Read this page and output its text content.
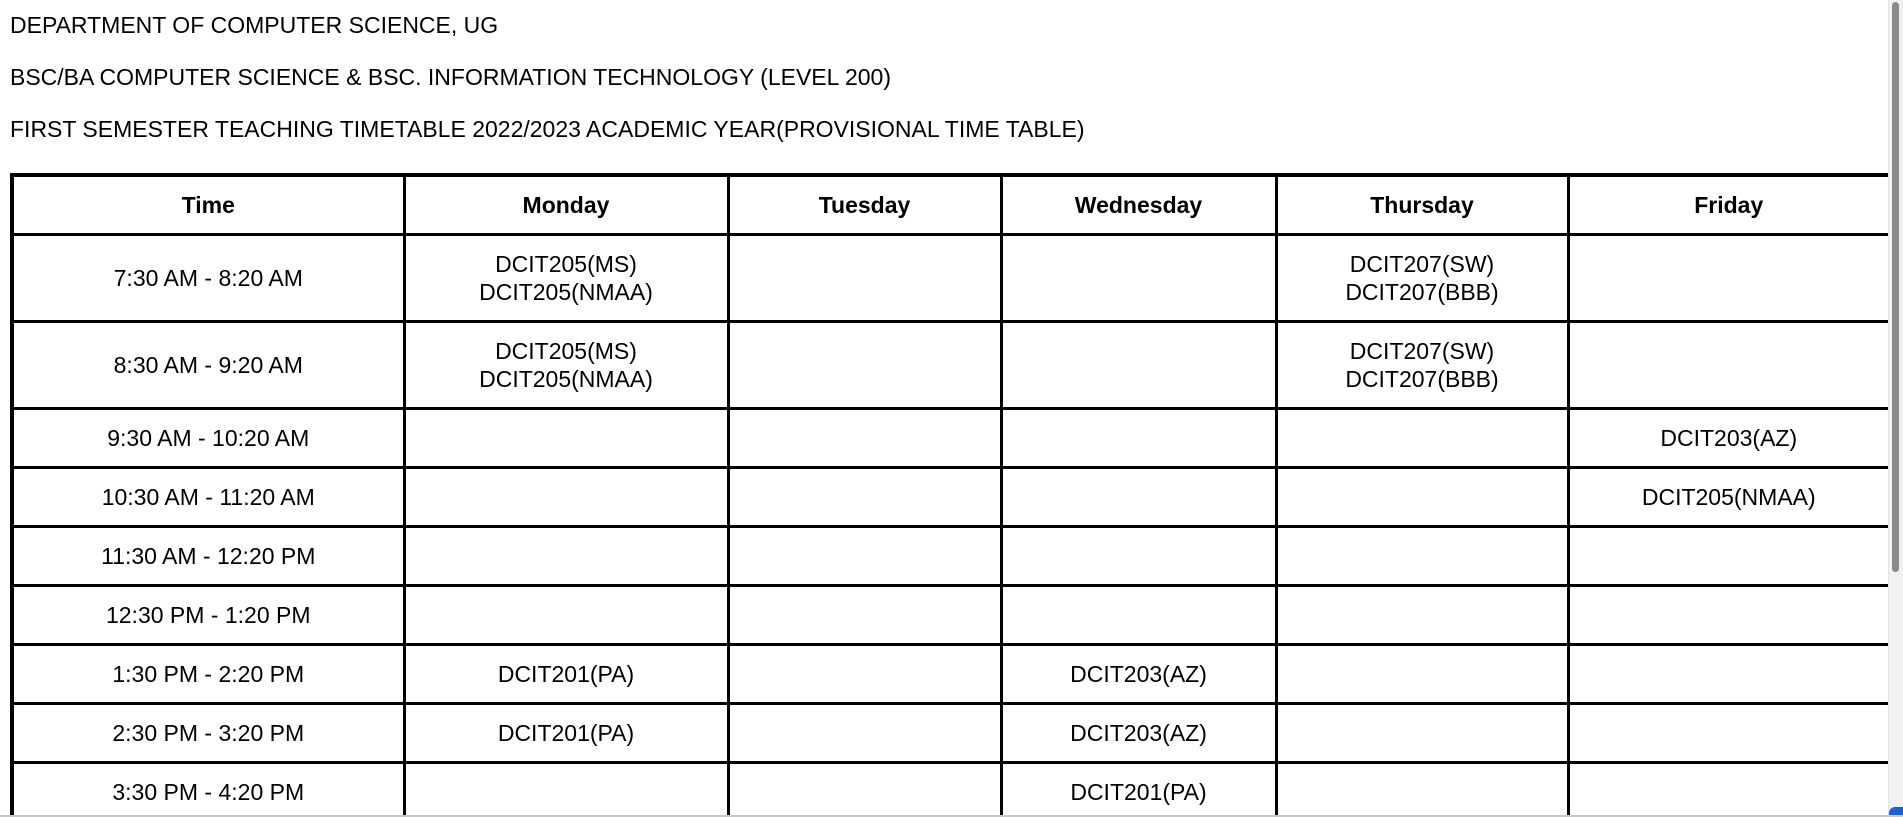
DEPARTMENT OF COMPUTER SCIENCE, UG
BSC/BA COMPUTER SCIENCE & BSC. INFORMATION TECHNOLOGY (LEVEL 200)
FIRST SEMESTER TEACHING TIMETABLE 2022/2023 ACADEMIC YEAR(PROVISIONAL TIME TABLE)
Time	Monday	Tuesday	Wednesday	Thursday	Friday
7:30 AM - 8:20 AM	DCIT205(MS)
DCIT205(NMAA)			DCIT207(SW)
DCIT207(BBB)	

8:30 AM - 9:20 AM	DCIT205(MS)
DCIT205(NMAA)			DCIT207(SW)
DCIT207(BBB)	

9:30 AM - 10:20 AM					DCIT203(AZ)

10:30 AM - 11:20 AM					DCIT205(NMAA)

11:30 AM - 12:20 PM					
12:30 PM - 1:20 PM					
1:30 PM - 2:20 PM	DCIT201(PA)		DCIT203(AZ)		

2:30 PM - 3:20 PM	DCIT201(PA)		DCIT203(AZ)		

3:30 PM - 4:20 PM			DCIT201(PA)		
